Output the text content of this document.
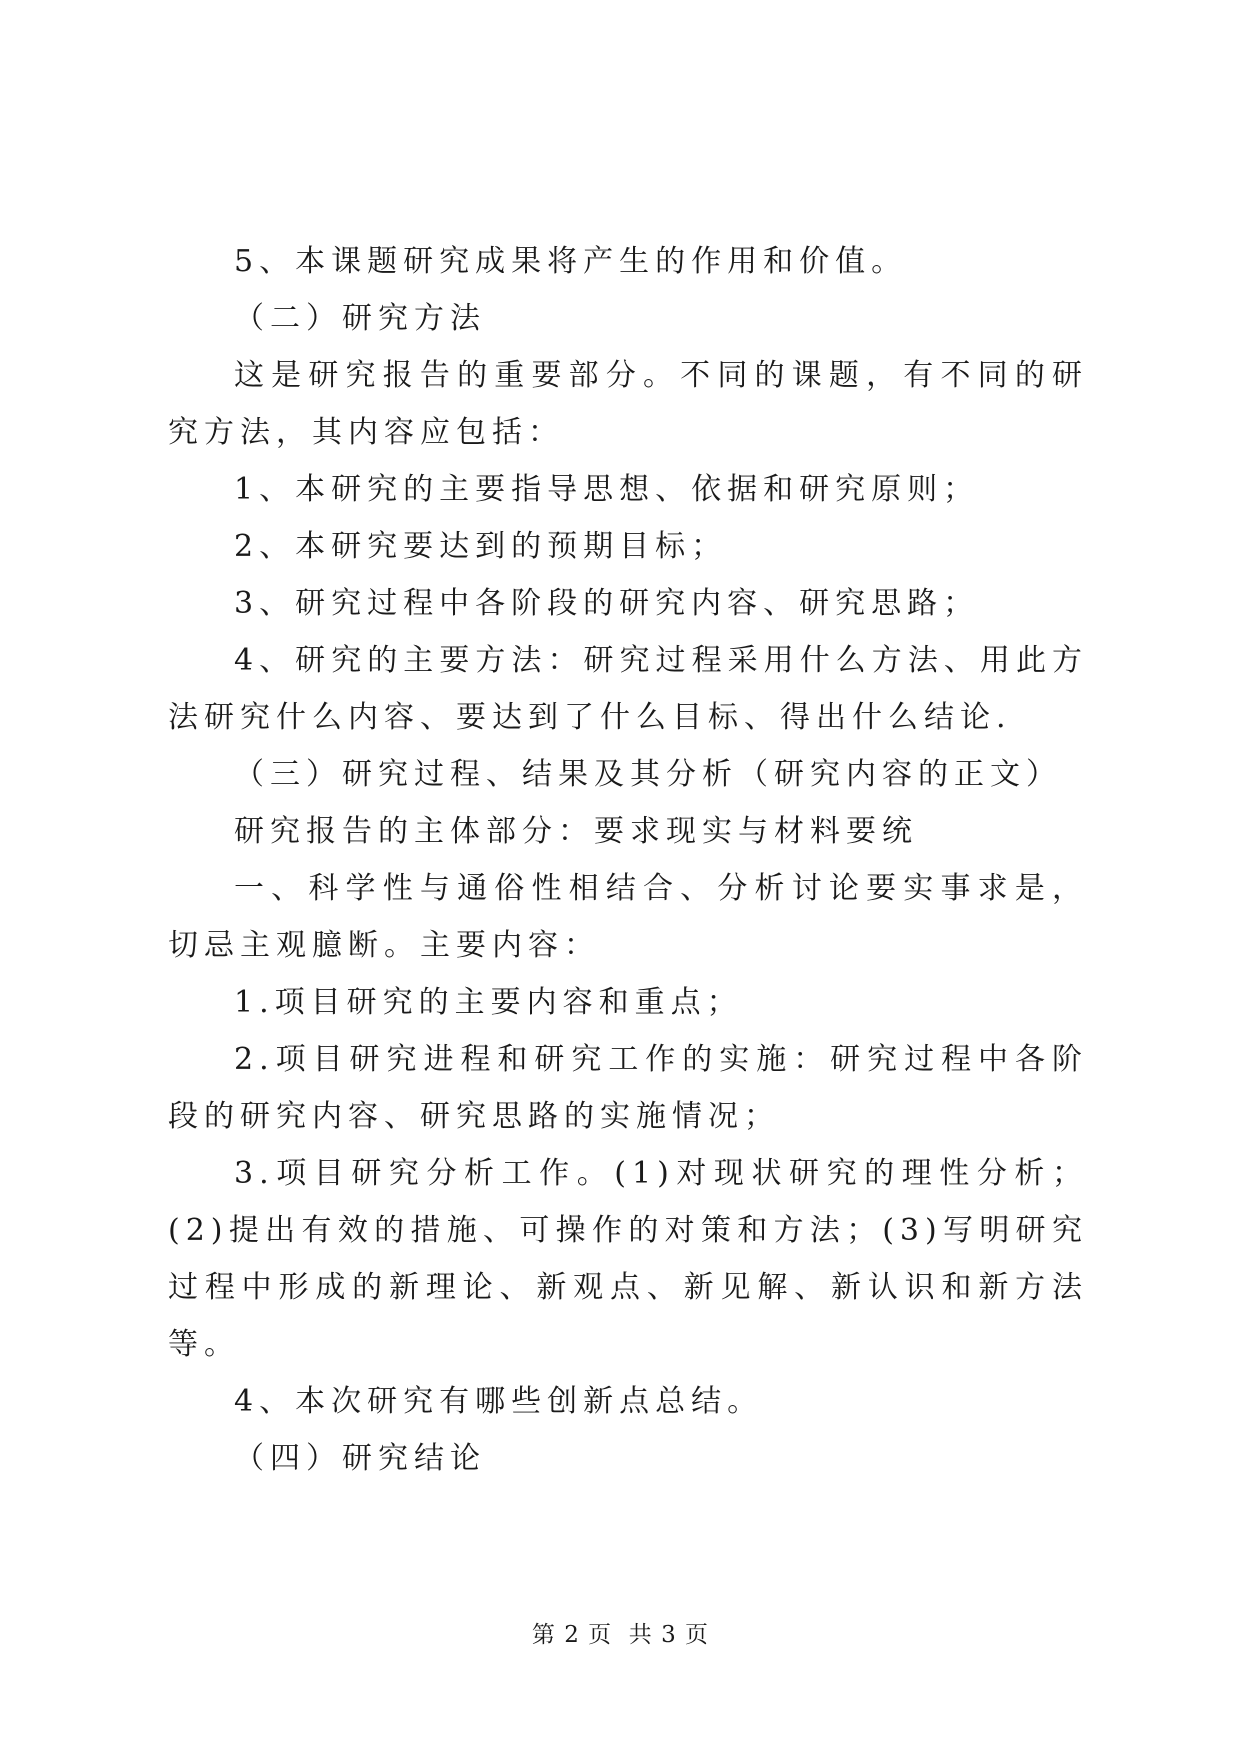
5、本课题研究成果将产生的作用和价值。

（二）研究方法

这是研究报告的重要部分。不同的课题，有不同的研究方法，其内容应包括：

1、本研究的主要指导思想、依据和研究原则；

2、本研究要达到的预期目标；

3、研究过程中各阶段的研究内容、研究思路；

4、研究的主要方法：研究过程采用什么方法、用此方法研究什么内容、要达到了什么目标、得出什么结论.

（三）研究过程、结果及其分析（研究内容的正文）

研究报告的主体部分：要求现实与材料要统

一、科学性与通俗性相结合、分析讨论要实事求是，切忌主观臆断。主要内容：

1.项目研究的主要内容和重点；

2.项目研究进程和研究工作的实施：研究过程中各阶段的研究内容、研究思路的实施情况；

3.项目研究分析工作。(1)对现状研究的理性分析；(2)提出有效的措施、可操作的对策和方法；(3)写明研究过程中形成的新理论、新观点、新见解、新认识和新方法等。

4、本次研究有哪些创新点总结。

（四）研究结论

第 2 页  共 3 页
